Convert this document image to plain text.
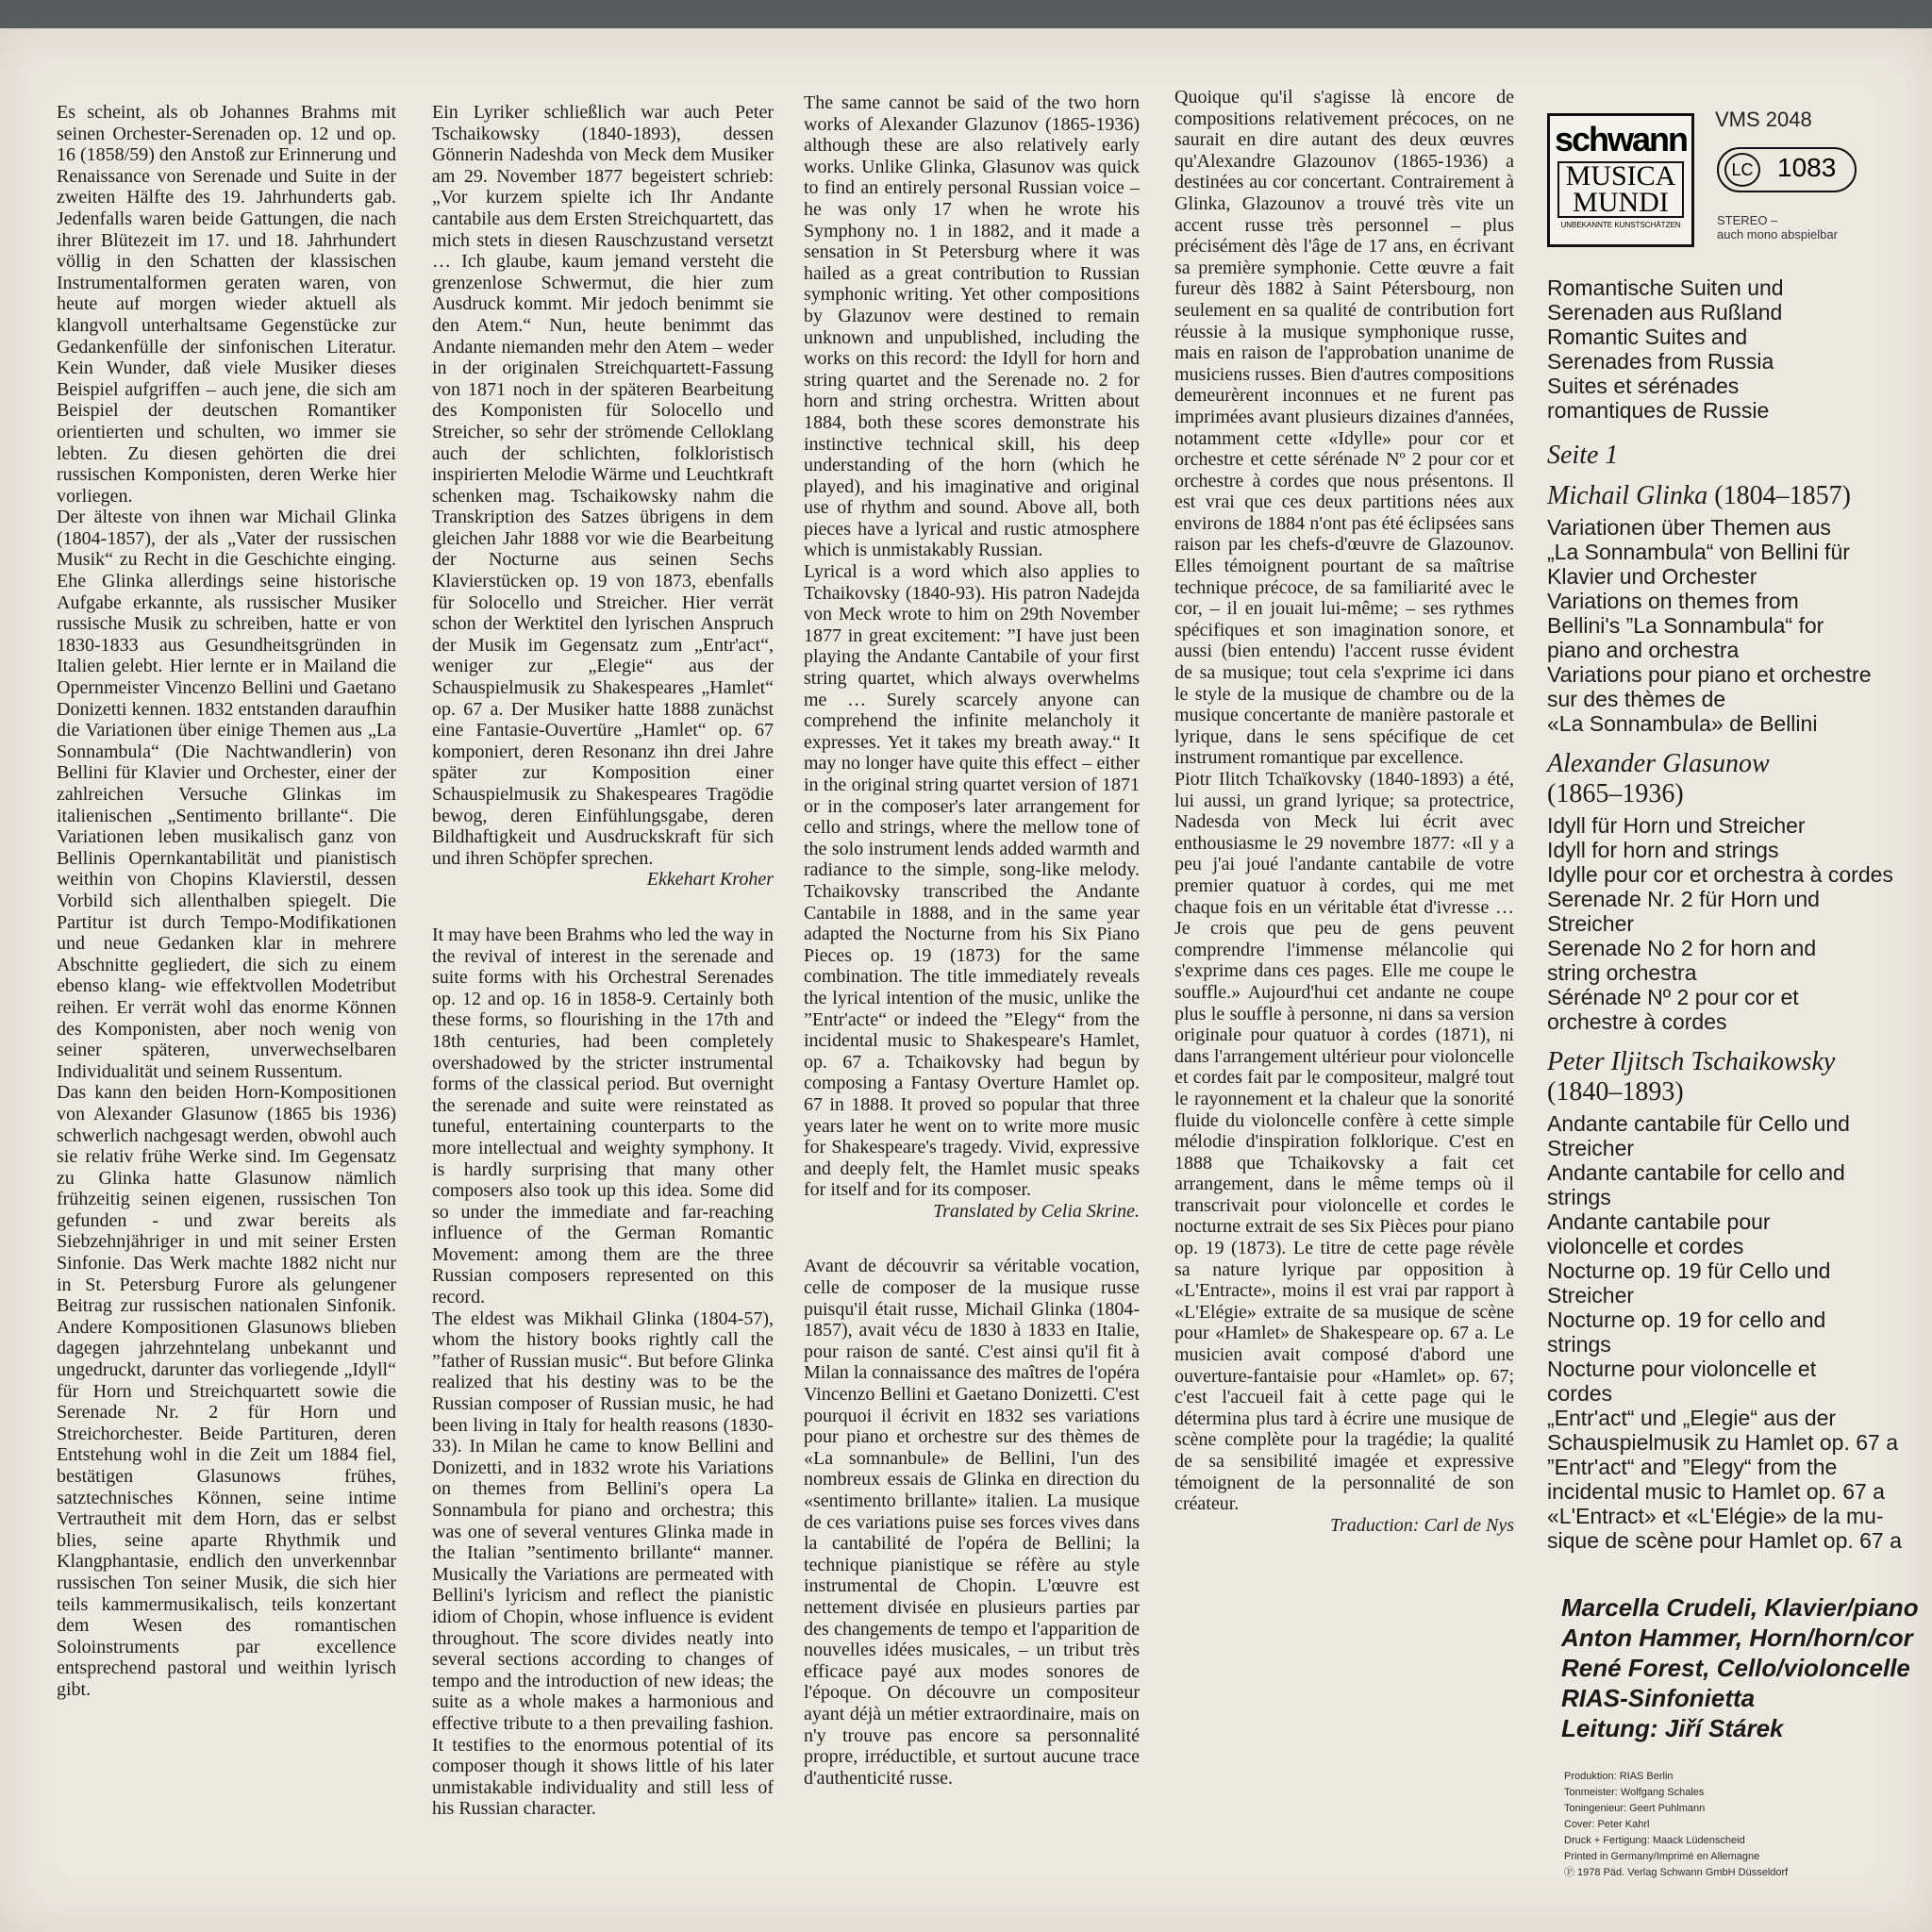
Es scheint, als ob Johannes Brahms mit seinen Orchester-Serenaden op. 12 und op. 16 (1858/59) den Anstoß zur Erinnerung und Renaissance von Serenade und Suite in der zweiten Hälfte des 19. Jahrhunderts gab. Jedenfalls waren beide Gattungen, die nach ihrer Blütezeit im 17. und 18. Jahrhundert völlig in den Schatten der klassischen Instrumentalformen geraten waren, von heute auf morgen wieder aktuell als klangvoll unterhaltsame Gegenstücke zur Gedankenfülle der sinfonischen Literatur. Kein Wunder, daß viele Musiker dieses Beispiel aufgriffen – auch jene, die sich am Beispiel der deutschen Romantiker orientierten und schulten, wo immer sie lebten. Zu diesen gehörten die drei russischen Komponisten, deren Werke hier vorliegen.

Der älteste von ihnen war Michail Glinka (1804-1857), der als „Vater der russischen Musik“ zu Recht in die Geschichte einging. Ehe Glinka allerdings seine historische Aufgabe erkannte, als russischer Musiker russische Musik zu schreiben, hatte er von 1830-1833 aus Gesundheitsgründen in Italien gelebt. Hier lernte er in Mailand die Opernmeister Vincenzo Bellini und Gaetano Donizetti kennen. 1832 entstanden daraufhin die Variationen über einige Themen aus „La Sonnambula“ (Die Nachtwandlerin) von Bellini für Klavier und Orchester, einer der zahlreichen Versuche Glinkas im italienischen „Sentimento brillante“. Die Variationen leben musikalisch ganz von Bellinis Opernkantabilität und pianistisch weithin von Chopins Klavierstil, dessen Vorbild sich allenthalben spiegelt. Die Partitur ist durch Tempo-Modifikationen und neue Gedanken klar in mehrere Abschnitte gegliedert, die sich zu einem ebenso klang- wie effektvollen Modetribut reihen. Er verrät wohl das enorme Können des Komponisten, aber noch wenig von seiner späteren, unverwechselbaren Individualität und seinem Russentum.

Das kann den beiden Horn-Kompositionen von Alexander Glasunow (1865 bis 1936) schwerlich nachgesagt werden, obwohl auch sie relativ frühe Werke sind. Im Gegensatz zu Glinka hatte Glasunow nämlich frühzeitig seinen eigenen, russischen Ton gefunden - und zwar bereits als Siebzehnjähriger in und mit seiner Ersten Sinfonie. Das Werk machte 1882 nicht nur in St. Petersburg Furore als gelungener Beitrag zur russischen nationalen Sinfonik. Andere Kompositionen Glasunows blieben dagegen jahrzehntelang unbekannt und ungedruckt, darunter das vorliegende „Idyll“ für Horn und Streichquartett sowie die Serenade Nr. 2 für Horn und Streichorchester. Beide Partituren, deren Entstehung wohl in die Zeit um 1884 fiel, bestätigen Glasunows frühes, satztechnisches Können, seine intime Vertrautheit mit dem Horn, das er selbst blies, seine aparte Rhythmik und Klangphantasie, endlich den unverkennbar russischen Ton seiner Musik, die sich hier teils kammermusikalisch, teils konzertant dem Wesen des romantischen Soloinstruments par excellence entsprechend pastoral und weithin lyrisch gibt.

Ein Lyriker schließlich war auch Peter Tschaikowsky (1840-1893), dessen Gönnerin Nadeshda von Meck dem Musiker am 29. November 1877 begeistert schrieb: „Vor kurzem spielte ich Ihr Andante cantabile aus dem Ersten Streichquartett, das mich stets in diesen Rauschzustand versetzt … Ich glaube, kaum jemand versteht die grenzenlose Schwermut, die hier zum Ausdruck kommt. Mir jedoch benimmt sie den Atem.“ Nun, heute benimmt das Andante niemanden mehr den Atem – weder in der originalen Streichquartett-Fassung von 1871 noch in der späteren Bearbeitung des Komponisten für Solocello und Streicher, so sehr der strömende Celloklang auch der schlichten, folkloristisch inspirierten Melodie Wärme und Leuchtkraft schenken mag. Tschaikowsky nahm die Transkription des Satzes übrigens in dem gleichen Jahr 1888 vor wie die Bearbeitung der Nocturne aus seinen Sechs Klavierstücken op. 19 von 1873, ebenfalls für Solocello und Streicher. Hier verrät schon der Werktitel den lyrischen Anspruch der Musik im Gegensatz zum „Entr'act“, weniger zur „Elegie“ aus der Schauspielmusik zu Shakespeares „Hamlet“ op. 67 a. Der Musiker hatte 1888 zunächst eine Fantasie-Ouvertüre „Hamlet“ op. 67 komponiert, deren Resonanz ihn drei Jahre später zur Komposition einer Schauspielmusik zu Shakespeares Tragödie bewog, deren Einfühlungsgabe, deren Bildhaftigkeit und Ausdruckskraft für sich und ihren Schöpfer sprechen.

Ekkehart Kroher

It may have been Brahms who led the way in the revival of interest in the serenade and suite forms with his Orchestral Serenades op. 12 and op. 16 in 1858-9. Certainly both these forms, so flourishing in the 17th and 18th centuries, had been completely overshadowed by the stricter instrumental forms of the classical period. But overnight the serenade and suite were reinstated as tuneful, entertaining counterparts to the more intellectual and weighty symphony. It is hardly surprising that many other composers also took up this idea. Some did so under the immediate and far-reaching influence of the German Romantic Movement: among them are the three Russian composers represented on this record.

The eldest was Mikhail Glinka (1804-57), whom the history books rightly call the ”father of Russian music“. But before Glinka realized that his destiny was to be the Russian composer of Russian music, he had been living in Italy for health reasons (1830-33). In Milan he came to know Bellini and Donizetti, and in 1832 wrote his Variations on themes from Bellini's opera La Sonnambula for piano and orchestra; this was one of several ventures Glinka made in the Italian ”sentimento brillante“ manner. Musically the Variations are permeated with Bellini's lyricism and reflect the pianistic idiom of Chopin, whose influence is evident throughout. The score divides neatly into several sections according to changes of tempo and the introduction of new ideas; the suite as a whole makes a harmonious and effective tribute to a then prevailing fashion. It testifies to the enormous potential of its composer though it shows little of his later unmistakable individuality and still less of his Russian character.

The same cannot be said of the two horn works of Alexander Glazunov (1865-1936) although these are also relatively early works. Unlike Glinka, Glasunov was quick to find an entirely personal Russian voice – he was only 17 when he wrote his Symphony no. 1 in 1882, and it made a sensation in St Petersburg where it was hailed as a great contribution to Russian symphonic writing. Yet other compositions by Glazunov were destined to remain unknown and unpublished, including the works on this record: the Idyll for horn and string quartet and the Serenade no. 2 for horn and string orchestra. Written about 1884, both these scores demonstrate his instinctive technical skill, his deep understanding of the horn (which he played), and his imaginative and original use of rhythm and sound. Above all, both pieces have a lyrical and rustic atmosphere which is unmistakably Russian.

Lyrical is a word which also applies to Tchaikovsky (1840-93). His patron Nadejda von Meck wrote to him on 29th November 1877 in great excitement: ”I have just been playing the Andante Cantabile of your first string quartet, which always overwhelms me … Surely scarcely anyone can comprehend the infinite melancholy it expresses. Yet it takes my breath away.“ It may no longer have quite this effect – either in the original string quartet version of 1871 or in the composer's later arrangement for cello and strings, where the mellow tone of the solo instrument lends added warmth and radiance to the simple, song-like melody. Tchaikovsky transcribed the Andante Cantabile in 1888, and in the same year adapted the Nocturne from his Six Piano Pieces op. 19 (1873) for the same combination. The title immediately reveals the lyrical intention of the music, unlike the ”Entr'acte“ or indeed the ”Elegy“ from the incidental music to Shakespeare's Hamlet, op. 67 a. Tchaikovsky had begun by composing a Fantasy Overture Hamlet op. 67 in 1888. It proved so popular that three years later he went on to write more music for Shakespeare's tragedy. Vivid, expressive and deeply felt, the Hamlet music speaks for itself and for its composer.

Translated by Celia Skrine.

Avant de découvrir sa véritable vocation, celle de composer de la musique russe puisqu'il était russe, Michail Glinka (1804-1857), avait vécu de 1830 à 1833 en Italie, pour raison de santé. C'est ainsi qu'il fit à Milan la connaissance des maîtres de l'opéra Vincenzo Bellini et Gaetano Donizetti. C'est pourquoi il écrivit en 1832 ses variations pour piano et orchestre sur des thèmes de «La somnanbule» de Bellini, l'un des nombreux essais de Glinka en direction du «sentimento brillante» italien. La musique de ces variations puise ses forces vives dans la cantabilité de l'opéra de Bellini; la technique pianistique se réfère au style instrumental de Chopin. L'œuvre est nettement divisée en plusieurs parties par des changements de tempo et l'apparition de nouvelles idées musicales, – un tribut très efficace payé aux modes sonores de l'époque. On découvre un compositeur ayant déjà un métier extraordinaire, mais on n'y trouve pas encore sa personnalité propre, irréductible, et surtout aucune trace d'authenticité russe.

Quoique qu'il s'agisse là encore de compositions relativement précoces, on ne saurait en dire autant des deux œuvres qu'Alexandre Glazounov (1865-1936) a destinées au cor concertant. Contrairement à Glinka, Glazounov a trouvé très vite un accent russe très personnel – plus précisément dès l'âge de 17 ans, en écrivant sa première symphonie. Cette œuvre a fait fureur dès 1882 à Saint Pétersbourg, non seulement en sa qualité de contribution fort réussie à la musique symphonique russe, mais en raison de l'approbation unanime de musiciens russes. Bien d'autres compositions demeurèrent inconnues et ne furent pas imprimées avant plusieurs dizaines d'années, notamment cette «Idylle» pour cor et orchestre et cette sérénade Nº 2 pour cor et orchestre à cordes que nous présentons. Il est vrai que ces deux partitions nées aux environs de 1884 n'ont pas été éclipsées sans raison par les chefs-d'œuvre de Glazounov. Elles témoignent pourtant de sa maîtrise technique précoce, de sa familiarité avec le cor, – il en jouait lui-même; – ses rythmes spécifiques et son imagination sonore, et aussi (bien entendu) l'accent russe évident de sa musique; tout cela s'exprime ici dans le style de la musique de chambre ou de la musique concertante de manière pastorale et lyrique, dans le sens spécifique de cet instrument romantique par excellence.

Piotr Ilitch Tchaïkovsky (1840-1893) a été, lui aussi, un grand lyrique; sa protectrice, Nadesda von Meck lui écrit avec enthousiasme le 29 novembre 1877: «Il y a peu j'ai joué l'andante cantabile de votre premier quatuor à cordes, qui me met chaque fois en un véritable état d'ivresse … Je crois que peu de gens peuvent comprendre l'immense mélancolie qui s'exprime dans ces pages. Elle me coupe le souffle.» Aujourd'hui cet andante ne coupe plus le souffle à personne, ni dans sa version originale pour quatuor à cordes (1871), ni dans l'arrangement ultérieur pour violoncelle et cordes fait par le compositeur, malgré tout le rayonnement et la chaleur que la sonorité fluide du violoncelle confère à cette simple mélodie d'inspiration folklorique. C'est en 1888 que Tchaikovsky a fait cet arrangement, dans le même temps où il transcrivait pour violoncelle et cordes le nocturne extrait de ses Six Pièces pour piano op. 19 (1873). Le titre de cette page révèle sa nature lyrique par opposition à «L'Entracte», moins il est vrai par rapport à «L'Elégie» extraite de sa musique de scène pour «Hamlet» de Shakespeare op. 67 a. Le musicien avait composé d'abord une ouverture-fantaisie pour «Hamlet» op. 67; c'est l'accueil fait à cette page qui le détermina plus tard à écrire une musique de scène complète pour la tragédie; la qualité de sa sensibilité imagée et expressive témoignent de la personnalité de son créateur.

Traduction: Carl de Nys

schwann
MUSICA
MUNDI
UNBEKANNTE KUNSTSCHÄTZEN
VMS 2048
LC 1083
STEREO –
auch mono abspielbar
Romantische Suiten und
Serenaden aus Rußland
Romantic Suites and
Serenades from Russia
Suites et sérénades
romantiques de Russie
Seite 1
Michail Glinka (1804–1857)
Variationen über Themen aus
„La Sonnambula“ von Bellini für
Klavier und Orchester
Variations on themes from
Bellini's ”La Sonnambula“ for
piano and orchestra
Variations pour piano et orchestre
sur des thèmes de
«La Sonnambula» de Bellini
Alexander Glasunow
(1865–1936)
Idyll für Horn und Streicher
Idyll for horn and strings
Idylle pour cor et orchestra à cordes
Serenade Nr. 2 für Horn und
Streicher
Serenade No 2 for horn and
string orchestra
Sérénade Nº 2 pour cor et
orchestre à cordes
Peter Iljitsch Tschaikowsky
(1840–1893)
Andante cantabile für Cello und
Streicher
Andante cantabile for cello and
strings
Andante cantabile pour
violoncelle et cordes
Nocturne op. 19 für Cello und
Streicher
Nocturne op. 19 for cello and
strings
Nocturne pour violoncelle et
cordes
„Entr'act“ und „Elegie“ aus der
Schauspielmusik zu Hamlet op. 67 a
”Entr'act“ and ”Elegy“ from the
incidental music to Hamlet op. 67 a
«L'Entract» et «L'Elégie» de la mu-
sique de scène pour Hamlet op. 67 a
Marcella Crudeli, Klavier/piano
Anton Hammer, Horn/horn/cor
René Forest, Cello/violoncelle
RIAS-Sinfonietta
Leitung: Jiří Stárek
Produktion: RIAS Berlin
Tonmeister: Wolfgang Schales
Toningenieur: Geert Puhlmann
Cover: Peter Kahrl
Druck + Fertigung: Maack Lüdenscheid
Printed in Germany/Imprimé en Allemagne
Ⓟ 1978 Päd. Verlag Schwann GmbH Düsseldorf
